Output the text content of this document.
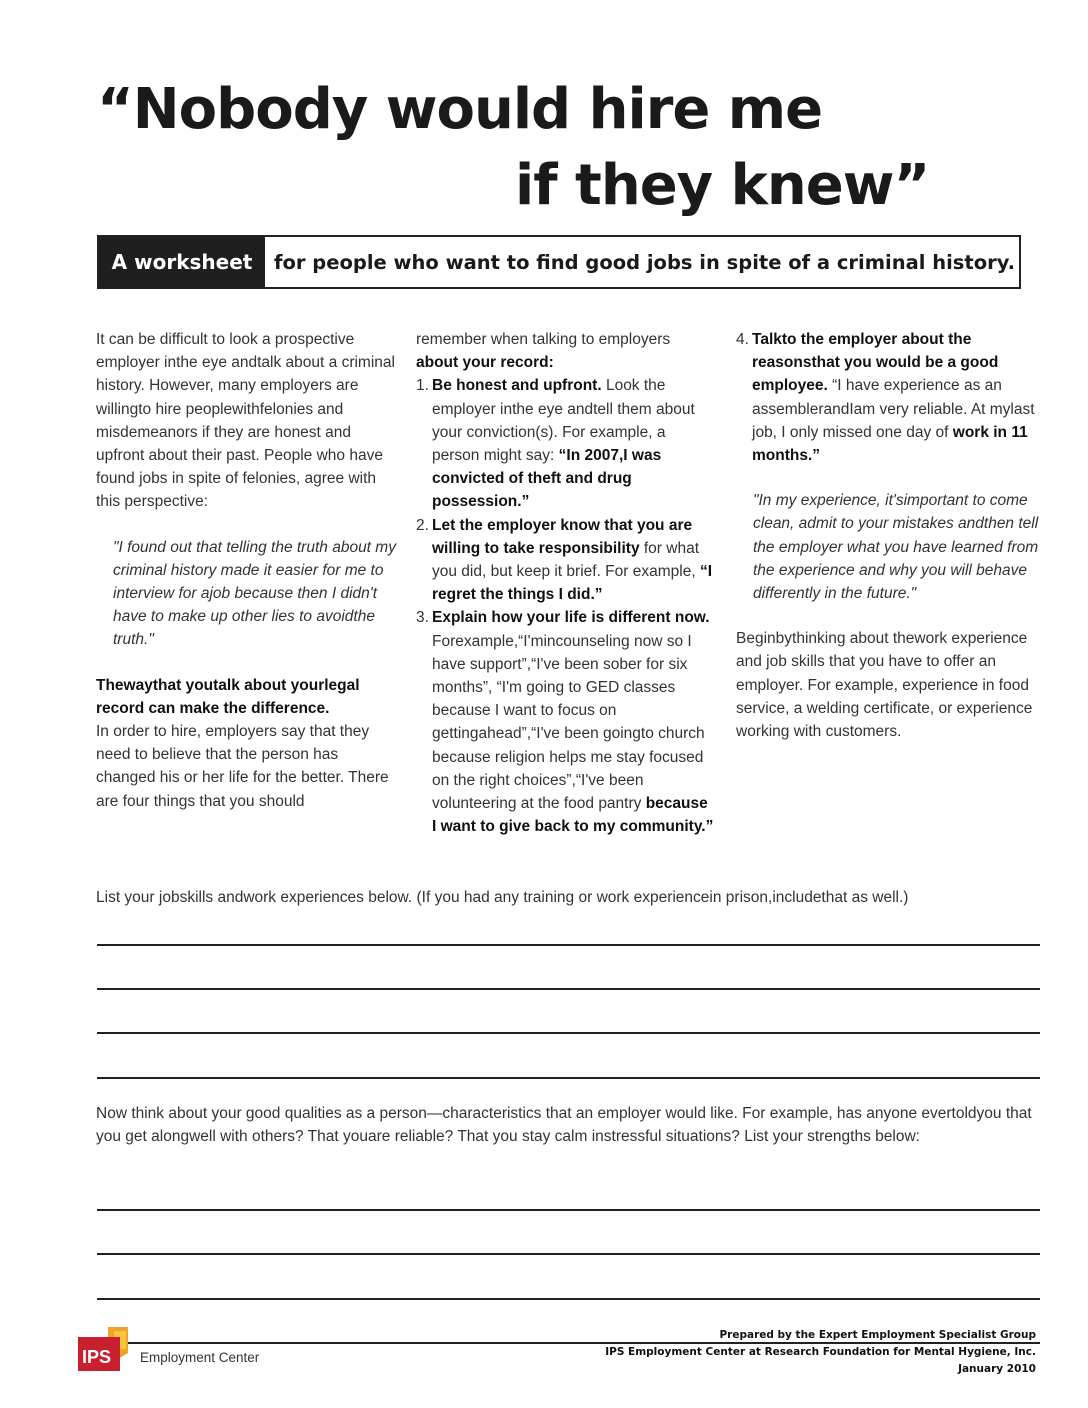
“Nobody would hire me
if they knew”
A worksheet	for people who want to find good jobs in spite of a criminal history.

It can be difficult to look a prospective employer inthe eye andtalk about a criminal history. However, many employers are willingto hire peoplewithfelonies and misdemeanors if they are honest and upfront about their past. People who have found jobs in spite of felonies, agree with this perspective:

"I found out that telling the truth about my criminal history made it easier for me to interview for ajob because then I didn't have to make up other lies to avoidthe truth."

Thewaythat youtalk about yourlegal record can make the difference.

In order to hire, employers say that they need to believe that the person has changed his or her life for the better. There are four things that you should

remember when talking to employers about your record:

1. Be honest and upfront. Look the employer inthe eye andtell them about your conviction(s). For example, a person might say: “In 2007,I was convicted of theft and drug possession.”
2. Let the employer know that you are willing to take responsibility for what you did, but keep it brief. For example, “I regret the things I did.”
3. Explain how your life is different now. Forexample,“I'mincounseling now so I have support”,“I've been sober for six months”, “I'm going to GED classes because I want to focus on gettingahead”,“I've been goingto church because religion helps me stay focused on the right choices”,“I've been volunteering at the food pantry because I want to give back to my community.”
4. Talkto the employer about the reasonsthat you would be a good employee. “I have experience as an assemblerandIam very reliable. At mylast job, I only missed one day of work in 11 months.”

"In my experience, it'simportant to come clean, admit to your mistakes andthen tell the employer what you have learned from the experience and why you will behave differently in the future."

Beginbythinking about thework experience and job skills that you have to offer an employer. For example, experience in food service, a welding certificate, or experience working with customers.

List your jobskills andwork experiences below. (If you had any training or work experiencein prison,includethat as well.)

Now think about your good qualities as a person—characteristics that an employer would like. For example, has anyone evertoldyou that you get alongwell with others? That youare reliable? That you stay calm instressful situations? List your strengths below:

IPS Employment Center
Prepared by the Expert Employment Specialist Group
IPS Employment Center at Research Foundation for Mental Hygiene, Inc.
January 2010
